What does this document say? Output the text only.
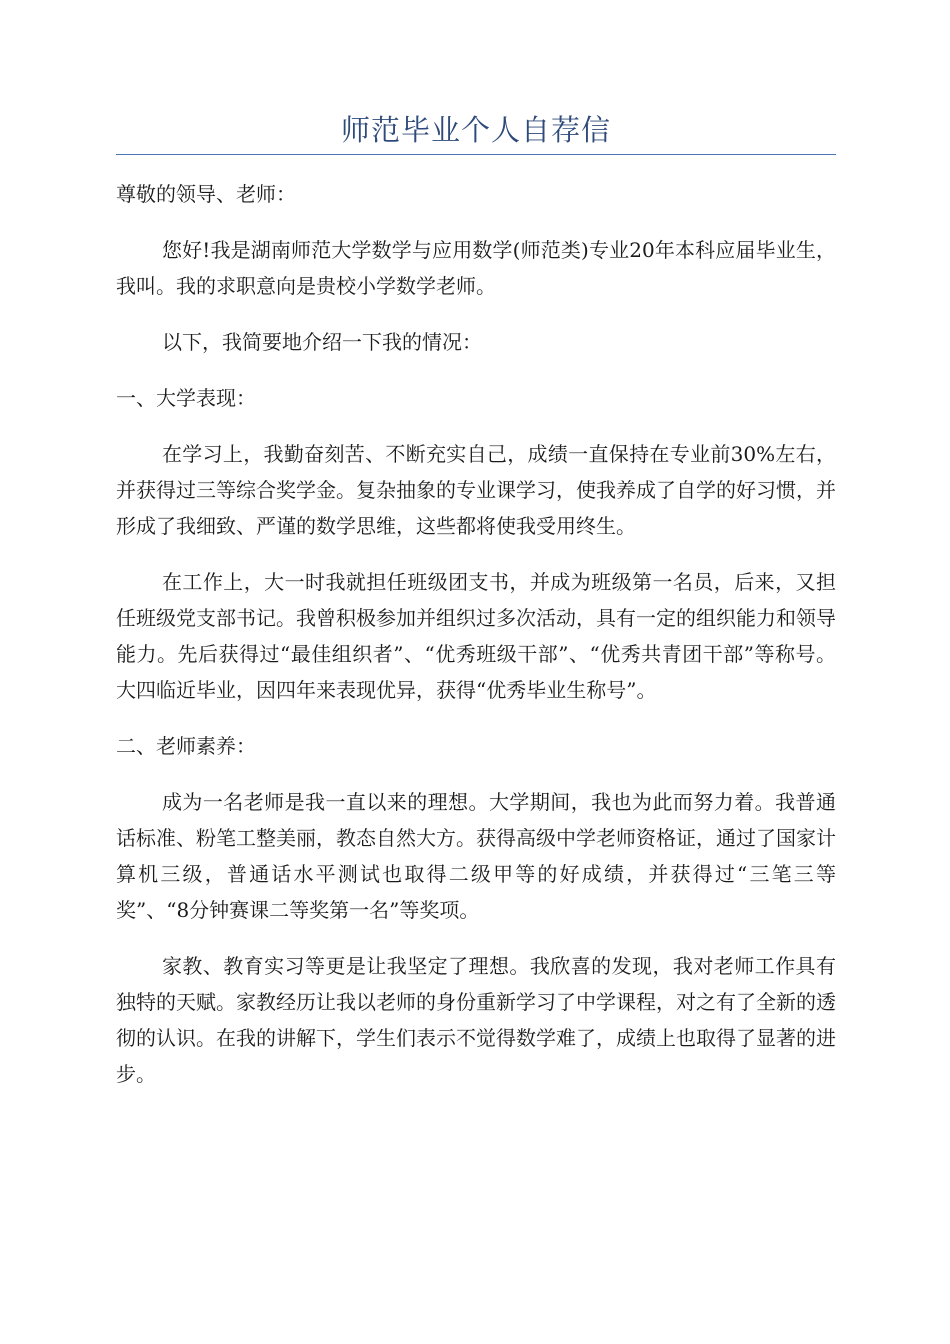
师范毕业个人自荐信

尊敬的领导、老师：

您好!我是湖南师范大学数学与应用数学(师范类)专业20年本科应届毕业生，我叫。我的求职意向是贵校小学数学老师。

以下，我简要地介绍一下我的情况：

一、大学表现：

在学习上，我勤奋刻苦、不断充实自己，成绩一直保持在专业前30%左右，并获得过三等综合奖学金。复杂抽象的专业课学习，使我养成了自学的好习惯，并形成了我细致、严谨的数学思维，这些都将使我受用终生。

在工作上，大一时我就担任班级团支书，并成为班级第一名员，后来，又担任班级党支部书记。我曾积极参加并组织过多次活动，具有一定的组织能力和领导能力。先后获得过“最佳组织者”、“优秀班级干部”、“优秀共青团干部”等称号。大四临近毕业，因四年来表现优异，获得“优秀毕业生称号”。

二、老师素养：

成为一名老师是我一直以来的理想。大学期间，我也为此而努力着。我普通话标准、粉笔工整美丽，教态自然大方。获得高级中学老师资格证，通过了国家计算机三级，普通话水平测试也取得二级甲等的好成绩，并获得过“三笔三等奖”、“8分钟赛课二等奖第一名”等奖项。

家教、教育实习等更是让我坚定了理想。我欣喜的发现，我对老师工作具有独特的天赋。家教经历让我以老师的身份重新学习了中学课程，对之有了全新的透彻的认识。在我的讲解下，学生们表示不觉得数学难了，成绩上也取得了显著的进步。
